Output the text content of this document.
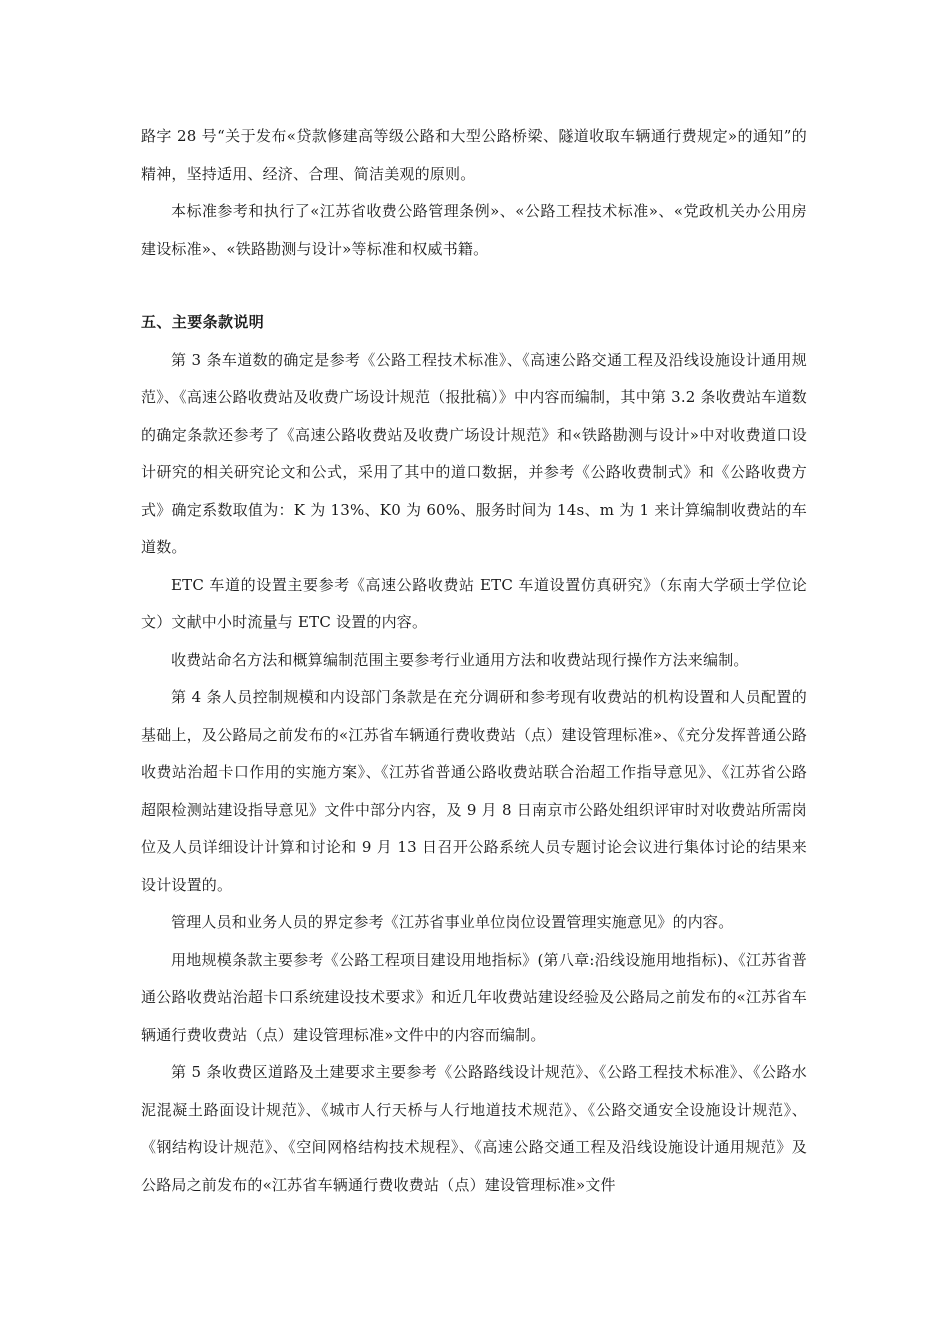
路字 28 号“关于发布«贷款修建高等级公路和大型公路桥梁、隧道收取车辆通行费规定»的通知”的精神，坚持适用、经济、合理、简洁美观的原则。

本标准参考和执行了«江苏省收费公路管理条例»、«公路工程技术标准»、«党政机关办公用房建设标准»、«铁路勘测与设计»等标准和权威书籍。

五、主要条款说明

第 3 条车道数的确定是参考《公路工程技术标准》、《高速公路交通工程及沿线设施设计通用规范》、《高速公路收费站及收费广场设计规范（报批稿）》中内容而编制，其中第 3.2 条收费站车道数的确定条款还参考了《高速公路收费站及收费广场设计规范》和«铁路勘测与设计»中对收费道口设计研究的相关研究论文和公式，采用了其中的道口数据，并参考《公路收费制式》和《公路收费方式》确定系数取值为：K 为 13%、K0 为 60%、服务时间为 14s、m 为 1 来计算编制收费站的车道数。

ETC 车道的设置主要参考《高速公路收费站 ETC 车道设置仿真研究》（东南大学硕士学位论文）文献中小时流量与 ETC 设置的内容。

收费站命名方法和概算编制范围主要参考行业通用方法和收费站现行操作方法来编制。

第 4 条人员控制规模和内设部门条款是在充分调研和参考现有收费站的机构设置和人员配置的基础上，及公路局之前发布的«江苏省车辆通行费收费站（点）建设管理标准»、《充分发挥普通公路收费站治超卡口作用的实施方案》、《江苏省普通公路收费站联合治超工作指导意见》、《江苏省公路超限检测站建设指导意见》文件中部分内容，及 9 月 8 日南京市公路处组织评审时对收费站所需岗位及人员详细设计计算和讨论和 9 月 13 日召开公路系统人员专题讨论会议进行集体讨论的结果来设计设置的。

管理人员和业务人员的界定参考《江苏省事业单位岗位设置管理实施意见》的内容。

用地规模条款主要参考《公路工程项目建设用地指标》(第八章:沿线设施用地指标)、《江苏省普通公路收费站治超卡口系统建设技术要求》和近几年收费站建设经验及公路局之前发布的«江苏省车辆通行费收费站（点）建设管理标准»文件中的内容而编制。

第 5 条收费区道路及土建要求主要参考《公路路线设计规范》、《公路工程技术标准》、《公路水泥混凝土路面设计规范》、《城市人行天桥与人行地道技术规范》、《公路交通安全设施设计规范》、《钢结构设计规范》、《空间网格结构技术规程》、《高速公路交通工程及沿线设施设计通用规范》及公路局之前发布的«江苏省车辆通行费收费站（点）建设管理标准»文件
